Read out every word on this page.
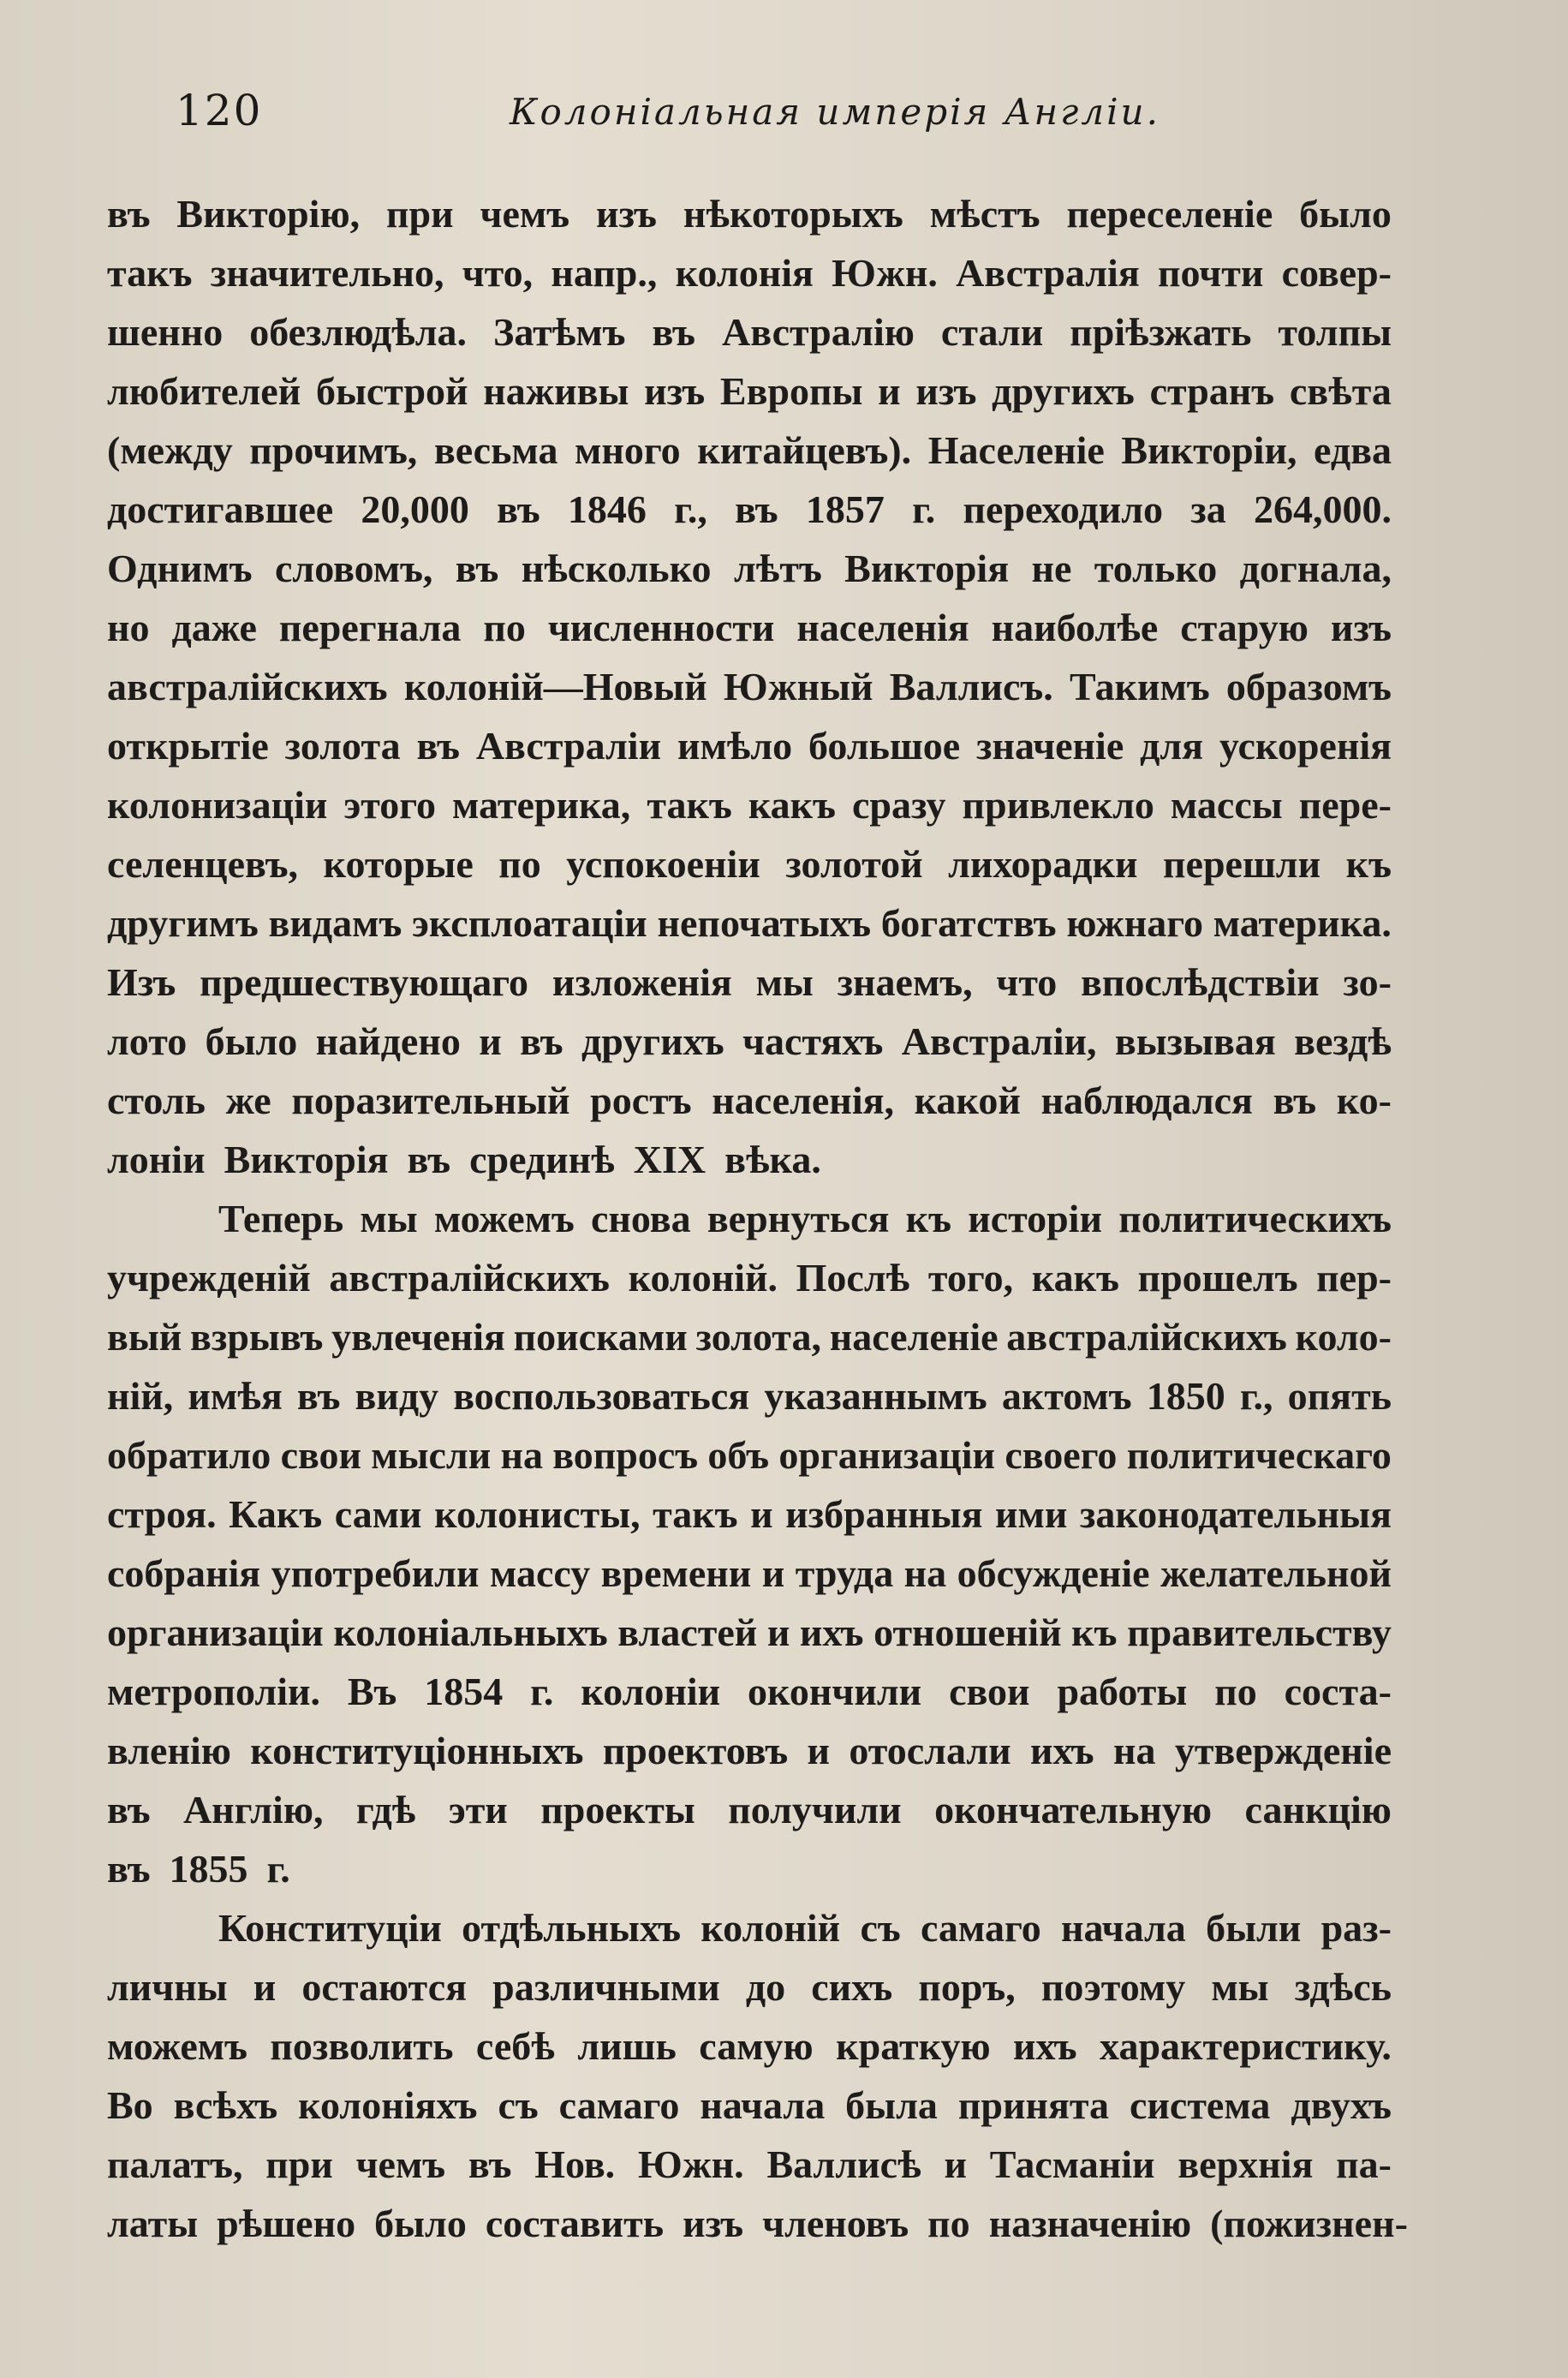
120	Колоніальная имперія Англіи.
въ Викторію, при чемъ изъ нѣкоторыхъ мѣстъ переселеніе было
такъ значительно, что, напр., колонія Южн. Австралія почти совер-
шенно обезлюдѣла. Затѣмъ въ Австралію стали пріѣзжать толпы
любителей быстрой наживы изъ Европы и изъ другихъ странъ свѣта
(между прочимъ, весьма много китайцевъ). Населеніе Викторіи, едва
достигавшее 20,000 въ 1846 г., въ 1857 г. переходило за 264,000.
Однимъ словомъ, въ нѣсколько лѣтъ Викторія не только догнала,
но даже перегнала по численности населенія наиболѣе старую изъ
австралійскихъ колоній—Новый Южный Валлисъ. Такимъ образомъ
открытіе золота въ Австраліи имѣло большое значеніе для ускоренія
колонизаціи этого материка, такъ какъ сразу привлекло массы пере-
селенцевъ, которые по успокоеніи золотой лихорадки перешли къ
другимъ видамъ эксплоатаціи непочатыхъ богатствъ южнаго материка.
Изъ предшествующаго изложенія мы знаемъ, что впослѣдствіи зо-
лото было найдено и въ другихъ частяхъ Австраліи, вызывая вездѣ
столь же поразительный ростъ населенія, какой наблюдался въ ко-
лоніи Викторія въ срединѣ XIX вѣка.
Теперь мы можемъ снова вернуться къ исторіи политическихъ
учрежденій австралійскихъ колоній. Послѣ того, какъ прошелъ пер-
вый взрывъ увлеченія поисками золота, населеніе австралійскихъ коло-
ній, имѣя въ виду воспользоваться указаннымъ актомъ 1850 г., опять
обратило свои мысли на вопросъ объ организаціи своего политическаго
строя. Какъ сами колонисты, такъ и избранныя ими законодательныя
собранія употребили массу времени и труда на обсужденіе желательной
организаціи колоніальныхъ властей и ихъ отношеній къ правительству
метрополіи. Въ 1854 г. колоніи окончили свои работы по соста-
вленію конституціонныхъ проектовъ и отослали ихъ на утвержденіе
въ Англію, гдѣ эти проекты получили окончательную санкцію
въ 1855 г.
Конституціи отдѣльныхъ колоній съ самаго начала были раз-
личны и остаются различными до сихъ поръ, поэтому мы здѣсь
можемъ позволить себѣ лишь самую краткую ихъ характеристику.
Во всѣхъ колоніяхъ съ самаго начала была принята система двухъ
палатъ, при чемъ въ Нов. Южн. Валлисѣ и Тасманіи верхнія па-
латы рѣшено было составить изъ членовъ по назначенію (пожизнен-
